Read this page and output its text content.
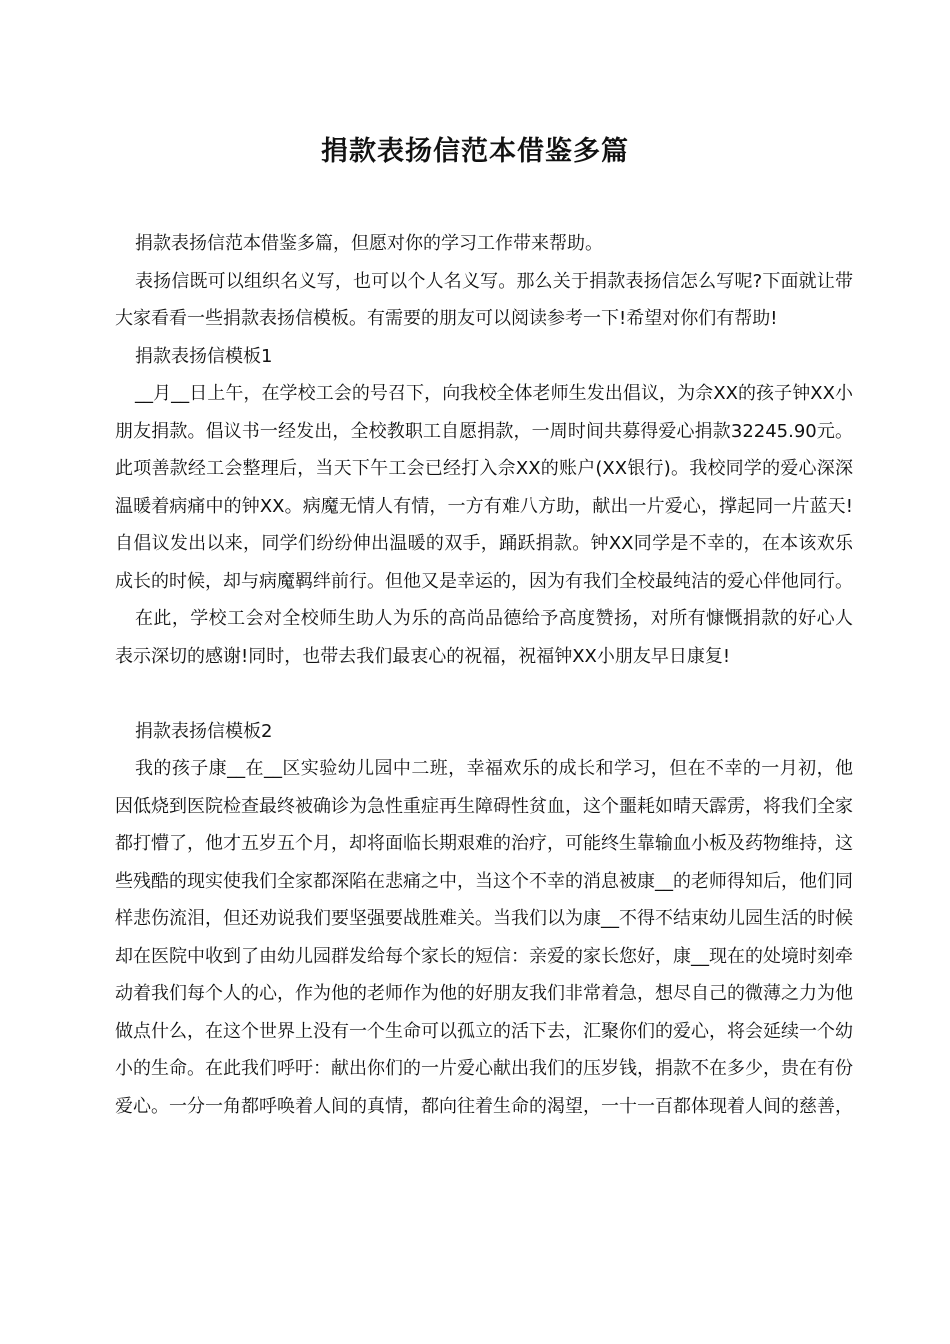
捐款表扬信范本借鉴多篇

捐款表扬信范本借鉴多篇，但愿对你的学习工作带来帮助。

表扬信既可以组织名义写，也可以个人名义写。那么关于捐款表扬信怎么写呢?下面就让带大家看看一些捐款表扬信模板。有需要的朋友可以阅读参考一下!希望对你们有帮助!

捐款表扬信模板1

__月__日上午，在学校工会的号召下，向我校全体老师生发出倡议，为佘XX的孩子钟XX小朋友捐款。倡议书一经发出，全校教职工自愿捐款，一周时间共募得爱心捐款32245.90元。此项善款经工会整理后，当天下午工会已经打入佘XX的账户(XX银行)。我校同学的爱心深深温暖着病痛中的钟XX。病魔无情人有情，一方有难八方助，献出一片爱心，撑起同一片蓝天!自倡议发出以来，同学们纷纷伸出温暖的双手，踊跃捐款。钟XX同学是不幸的，在本该欢乐成长的时候，却与病魔羁绊前行。但他又是幸运的，因为有我们全校最纯洁的爱心伴他同行。

在此，学校工会对全校师生助人为乐的高尚品德给予高度赞扬，对所有慷慨捐款的好心人表示深切的感谢!同时，也带去我们最衷心的祝福，祝福钟XX小朋友早日康复!

捐款表扬信模板2

我的孩子康__在__区实验幼儿园中二班，幸福欢乐的成长和学习，但在不幸的一月初，他因低烧到医院检查最终被确诊为急性重症再生障碍性贫血，这个噩耗如晴天霹雳，将我们全家都打懵了，他才五岁五个月，却将面临长期艰难的治疗，可能终生靠输血小板及药物维持，这些残酷的现实使我们全家都深陷在悲痛之中，当这个不幸的消息被康__的老师得知后，他们同样悲伤流泪，但还劝说我们要坚强要战胜难关。当我们以为康__不得不结束幼儿园生活的时候却在医院中收到了由幼儿园群发给每个家长的短信：亲爱的家长您好，康__现在的处境时刻牵动着我们每个人的心，作为他的老师作为他的好朋友我们非常着急，想尽自己的微薄之力为他做点什么，在这个世界上没有一个生命可以孤立的活下去，汇聚你们的爱心，将会延续一个幼小的生命。在此我们呼吁：献出你们的一片爱心献出我们的压岁钱，捐款不在多少，贵在有份爱心。一分一角都呼唤着人间的真情，都向往着生命的渴望，一十一百都体现着人间的慈善，
